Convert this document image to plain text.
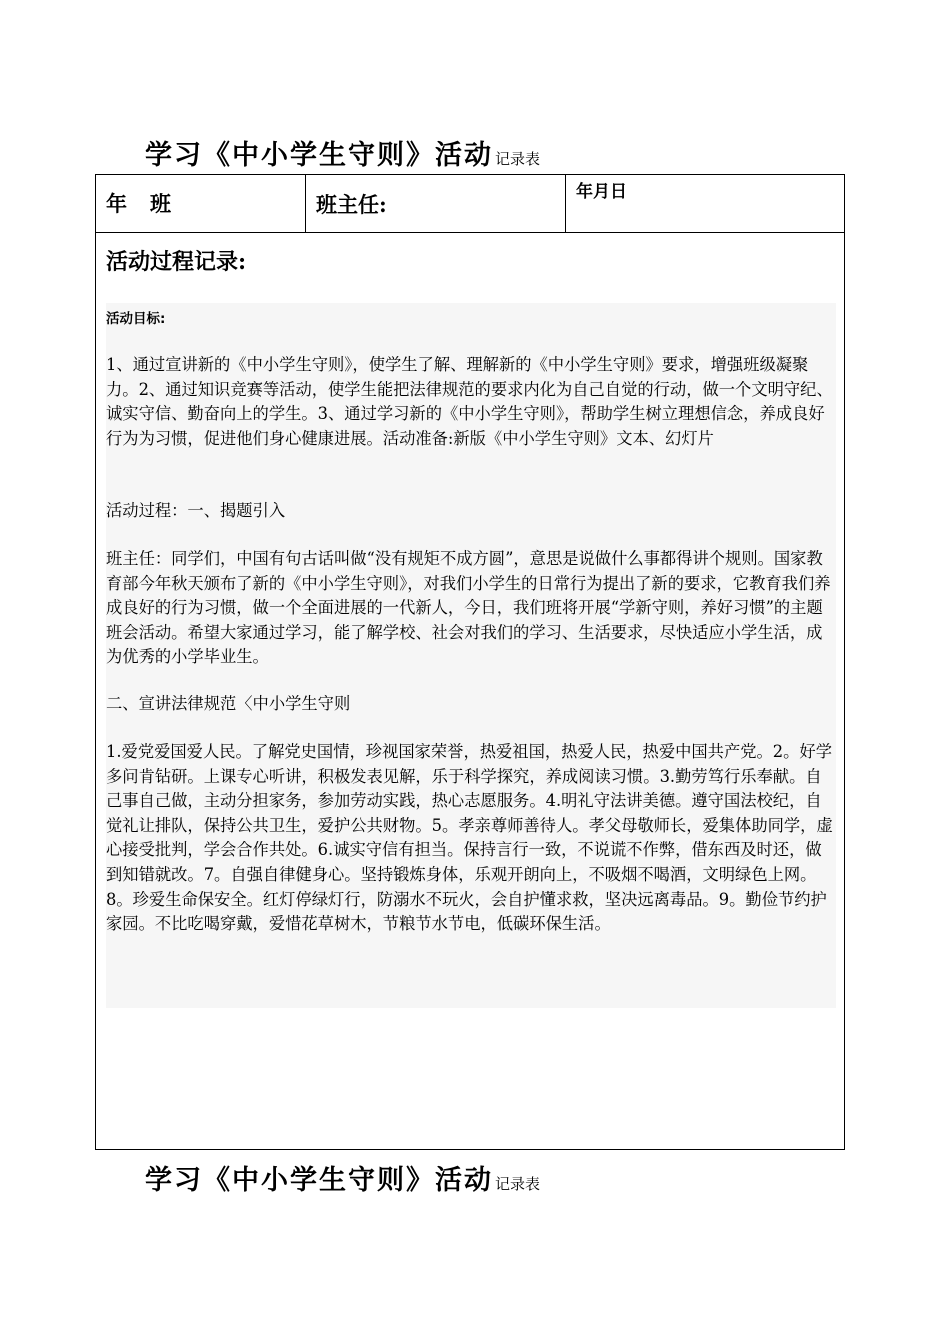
学习《中小学生守则》活动 记录表
年　班	班主任:	年月日
活动过程记录:
活动目标:

1、通过宣讲新的《中小学生守则》，使学生了解、理解新的《中小学生守则》要求，增强班级凝聚力。2、通过知识竞赛等活动，使学生能把法律规范的要求内化为自己自觉的行动，做一个文明守纪、诚实守信、勤奋向上的学生。3、通过学习新的《中小学生守则》，帮助学生树立理想信念，养成良好行为为习惯，促进他们身心健康进展。活动准备:新版《中小学生守则》文本、幻灯片

活动过程：一、揭题引入

班主任：同学们，中国有句古话叫做“没有规矩不成方圆”，意思是说做什么事都得讲个规则。国家教育部今年秋天颁布了新的《中小学生守则》，对我们小学生的日常行为提出了新的要求，它教育我们养成良好的行为习惯，做一个全面进展的一代新人，今日，我们班将开展“学新守则，养好习惯”的主题班会活动。希望大家通过学习，能了解学校、社会对我们的学习、生活要求，尽快适应小学生活，成为优秀的小学毕业生。

二、宣讲法律规范〈中小学生守则

1.爱党爱国爱人民。了解党史国情，珍视国家荣誉，热爱祖国，热爱人民，热爱中国共产党。2。好学多问肯钻研。上课专心听讲，积极发表见解，乐于科学探究，养成阅读习惯。3.勤劳笃行乐奉献。自己事自己做，主动分担家务，参加劳动实践，热心志愿服务。4.明礼守法讲美德。遵守国法校纪，自觉礼让排队，保持公共卫生，爱护公共财物。5。孝亲尊师善待人。孝父母敬师长，爱集体助同学，虚心接受批判，学会合作共处。6.诚实守信有担当。保持言行一致，不说谎不作弊，借东西及时还，做到知错就改。7。自强自律健身心。坚持锻炼身体，乐观开朗向上，不吸烟不喝酒，文明绿色上网。8。珍爱生命保安全。红灯停绿灯行，防溺水不玩火，会自护懂求救，坚决远离毒品。9。勤俭节约护家园。不比吃喝穿戴，爱惜花草树木，节粮节水节电，低碳环保生活。

学习《中小学生守则》活动 记录表
